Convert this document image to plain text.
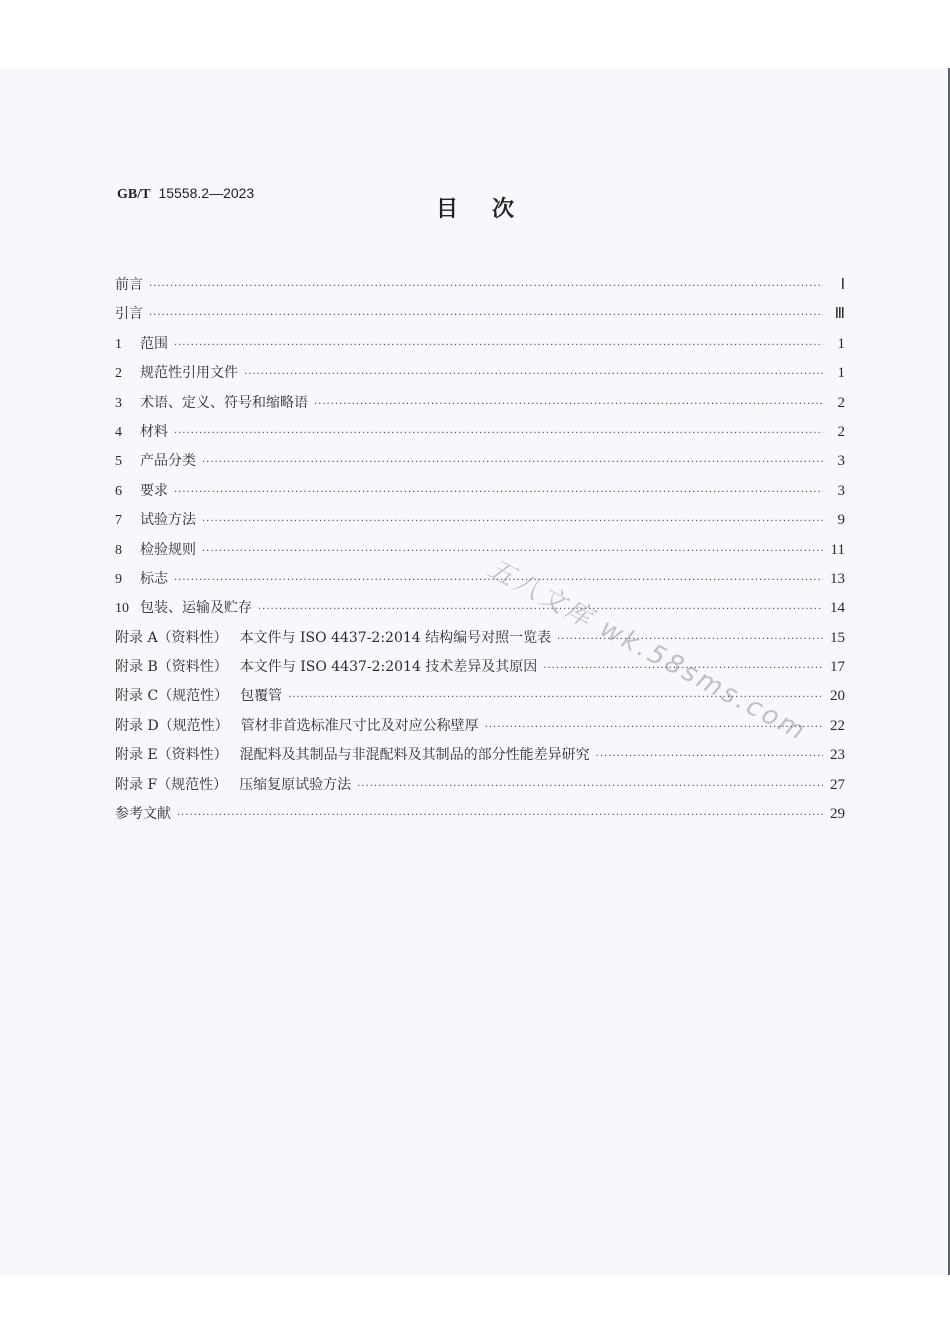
GB/T 15558.2—2023
目次
前言 ·····	Ⅰ
引言 ·····	Ⅲ
1	范围 ·····	1
2	规范性引用文件 ·····	1
3	术语、定义、符号和缩略语 ·····	2
4	材料 ·····	2
5	产品分类 ·····	3
6	要求 ·····	3
7	试验方法 ·····	9
8	检验规则 ·····	11
9	标志 ·····	13
10 包装、运输及贮存 ·····	14
附录 A（资料性） 本文件与 ISO 4437-2:2014 结构编号对照一览表 ·····	15
附录 B（资料性） 本文件与 ISO 4437-2:2014 技术差异及其原因 ·····	17
附录 C（规范性） 包覆管 ·····	20
附录 D（规范性） 管材非首选标准尺寸比及对应公称壁厚 ·····	22
附录 E（资料性） 混配料及其制品与非混配料及其制品的部分性能差异研究 ·····	23
附录 F（规范性） 压缩复原试验方法 ·····	27
参考文献 ·····	29
五八文库 wk.58sms.com
